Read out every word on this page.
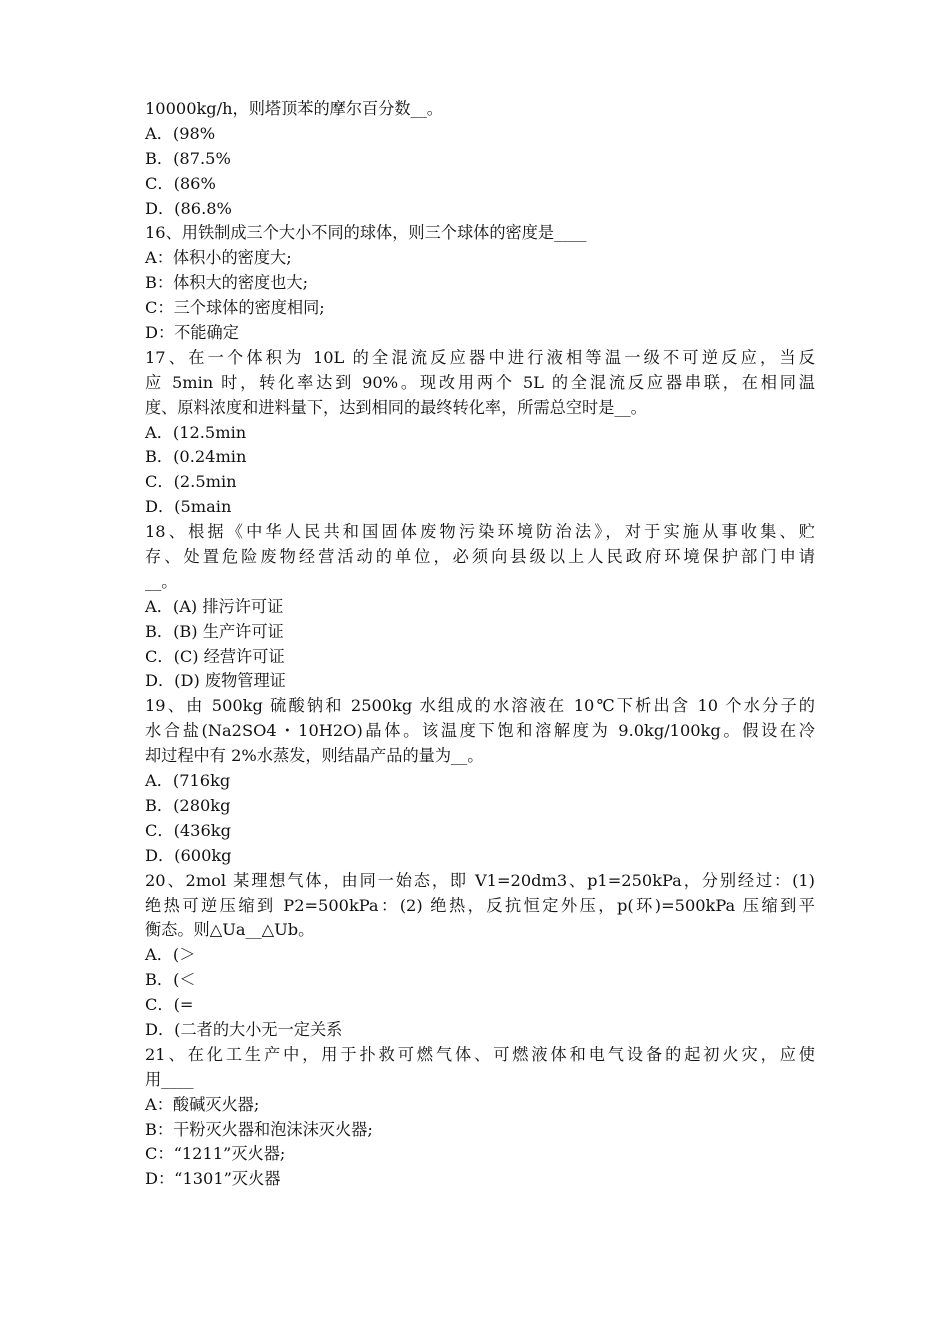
10000kg/h，则塔顶苯的摩尔百分数__。
A．(98%
B．(87.5%
C．(86%
D．(86.8%
16、用铁制成三个大小不同的球体，则三个球体的密度是____
A：体积小的密度大;
B：体积大的密度也大;
C：三个球体的密度相同;
D：不能确定
17、在一个体积为 10L 的全混流反应器中进行液相等温一级不可逆反应，当反
应 5min 时，转化率达到 90%。现改用两个 5L 的全混流反应器串联，在相同温
度、原料浓度和进料量下，达到相同的最终转化率，所需总空时是__。
A．(12.5min
B．(0.24min
C．(2.5min
D．(5main
18、根据《中华人民共和国固体废物污染环境防治法》，对于实施从事收集、贮
存、处置危险废物经营活动的单位，必须向县级以上人民政府环境保护部门申请
__。
A．(A) 排污许可证
B．(B) 生产许可证
C．(C) 经营许可证
D．(D) 废物管理证
19、由 500kg 硫酸钠和 2500kg 水组成的水溶液在 10℃下析出含 10 个水分子的
水合盐(Na2SO4・10H2O)晶体。该温度下饱和溶解度为 9.0kg/100kg。假设在冷
却过程中有 2%水蒸发，则结晶产品的量为__。
A．(716kg
B．(280kg
C．(436kg
D．(600kg
20、2mol 某理想气体，由同一始态，即 V1=20dm3、p1=250kPa，分别经过：(1)
绝热可逆压缩到 P2=500kPa：(2) 绝热，反抗恒定外压，p(环)=500kPa 压缩到平
衡态。则△Ua__△Ub。
A．(＞
B．(＜
C．(=
D．(二者的大小无一定关系
21、在化工生产中，用于扑救可燃气体、可燃液体和电气设备的起初火灾，应使
用____
A：酸碱灭火器;
B：干粉灭火器和泡沫沫灭火器;
C：“1211”灭火器;
D：“1301”灭火器
